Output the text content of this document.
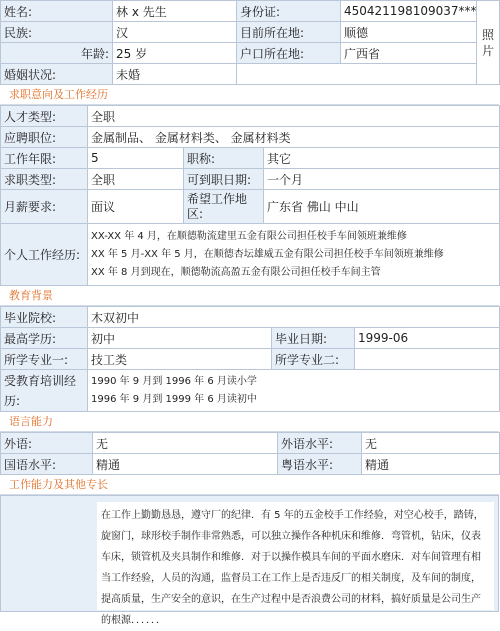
姓名:	林 x 先生	身份证:	450421198109037***	照片
民族:	汉	目前所在地:	顺德	
年龄:	25 岁	户口所在地:	广西省	
婚姻状况:	未婚			
求职意向及工作经历
人才类型:	全职		
应聘职位:	金属制品、 金属材料类、 金属材料类		
工作年限:	5	职称:	其它
求职类型:	全职	可到职日期:	一个月
月薪要求:	面议	希望工作地区:	广东省 佛山 中山
个人工作经历:	XX-XX 年 4 月，在顺德勒流建里五金有限公司担任校手车间领班兼维修
XX 年 5 月-XX 年 5 月，在顺德杏坛雄威五金有限公司担任校手车间领班兼维修
XX 年 8 月到现在，顺德勒流高盈五金有限公司担任校手车间主管		
教育背景
毕业院校:	木双初中		
最高学历:	初中	毕业日期:	1999-06
所学专业一:	技工类	所学专业二:	
受教育培训经历:	1990 年 9 月到 1996 年 6 月读小学
1996 年 9 月到 1999 年 6 月读初中		
语言能力
外语:	无	外语水平:	无
国语水平:	精通	粤语水平:	精通
工作能力及其他专长
在工作上勤勤恳恳，遵守厂的纪律．有 5 年的五金校手工作经验，对空心校手，踏铸，旋窗门，球形校手制作非常熟悉，可以独立操作各种机床和维修．弯管机，钻床，仪表车床，锁管机及夹具制作和维修．对于以操作模具车间的平面水磨床．对车间管理有相当工作经验，人员的沟通，监督员工在工作上是否违反厂的相关制度，及车间的制度，提高质量，生产安全的意识，在生产过程中是否浪费公司的材料，搞好质量是公司生产的根源．．．．．．
